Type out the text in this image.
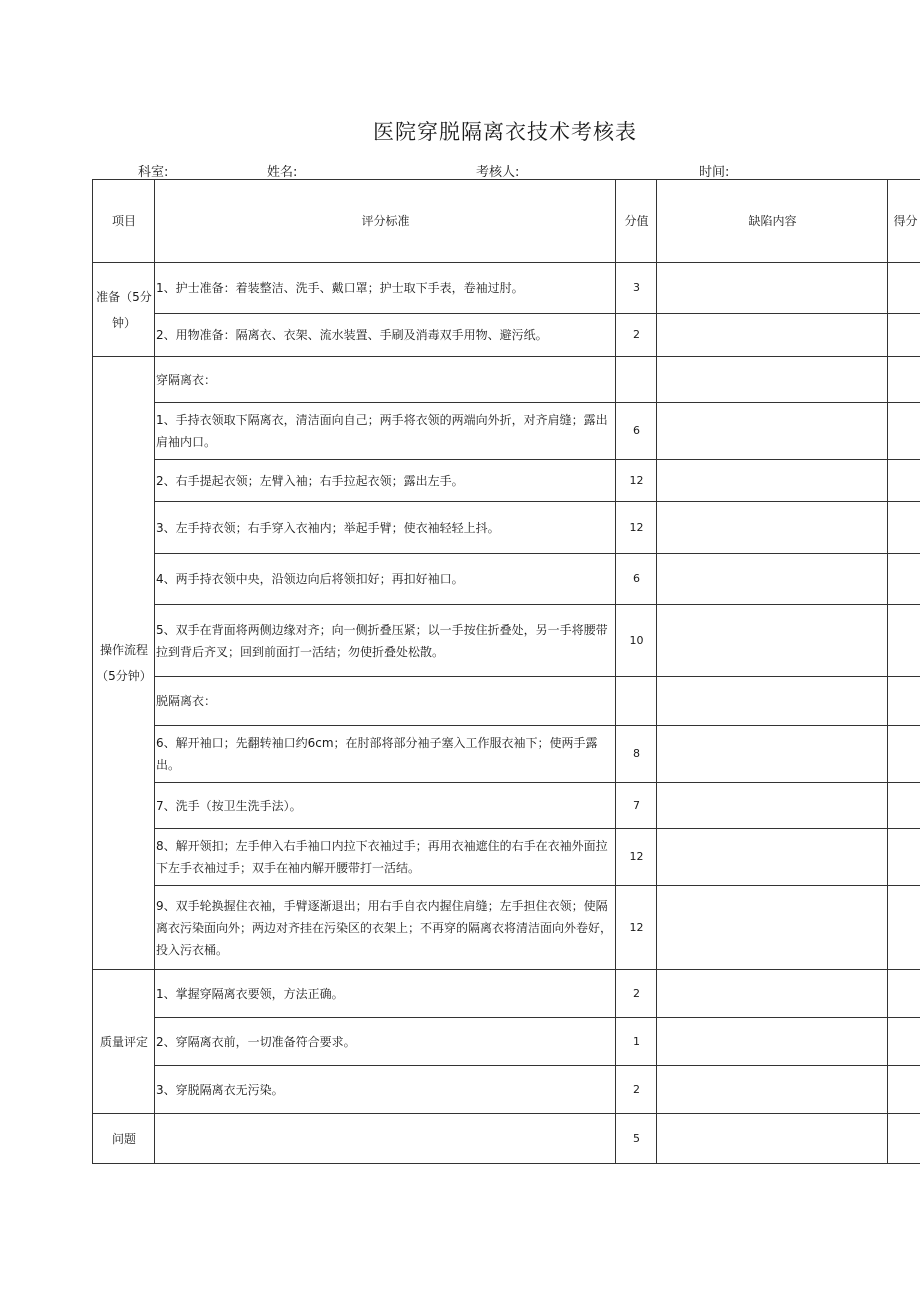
医院穿脱隔离衣技术考核表
科室:	姓名:	考核人:	时间:
项目	评分标准	分值	缺陷内容	得分
准备（5分钟）	1、护士准备：着装整洁、洗手、戴口罩；护士取下手表，卷袖过肘。	3		
	2、用物准备：隔离衣、衣架、流水装置、手刷及消毒双手用物、避污纸。	2		
操作流程（5分钟）	穿隔离衣：			
	1、手持衣领取下隔离衣，清洁面向自己；两手将衣领的两端向外折，对齐肩缝；露出肩袖内口。	6		
	2、右手提起衣领；左臂入袖；右手拉起衣领；露出左手。	12		
	3、左手持衣领；右手穿入衣袖内；举起手臂；使衣袖轻轻上抖。	12		
	4、两手持衣领中央，沿领边向后将领扣好；再扣好袖口。	6		
	5、双手在背面将两侧边缘对齐；向一侧折叠压紧；以一手按住折叠处，另一手将腰带拉到背后齐叉；回到前面打一活结；勿使折叠处松散。	10		
	脱隔离衣：			
	6、解开袖口；先翻转袖口约6cm；在肘部将部分袖子塞入工作服衣袖下；使两手露出。	8		
	7、洗手（按卫生洗手法）。	7		
	8、解开领扣；左手伸入右手袖口内拉下衣袖过手；再用衣袖遮住的右手在衣袖外面拉下左手衣袖过手；双手在袖内解开腰带打一活结。	12		
	9、双手轮换握住衣袖，手臂逐渐退出；用右手自衣内握住肩缝；左手担住衣领；使隔离衣污染面向外；两边对齐挂在污染区的衣架上；不再穿的隔离衣将清洁面向外卷好，投入污衣桶。	12		
质量评定	1、掌握穿隔离衣要领，方法正确。	2		
	2、穿隔离衣前，一切准备符合要求。	1		
	3、穿脱隔离衣无污染。	2		
问题		5		
